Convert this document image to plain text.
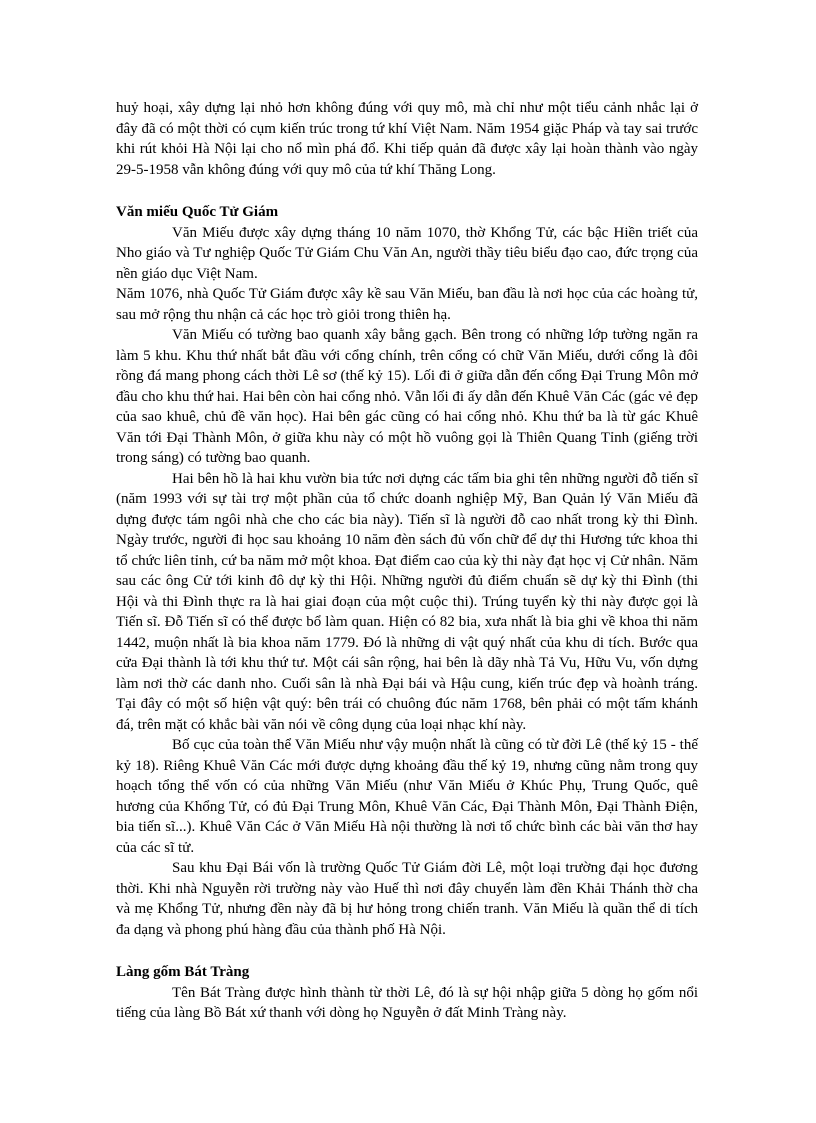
huỷ hoại, xây dựng lại nhỏ hơn không đúng với quy mô, mà chỉ như một tiểu cảnh nhắc lại ở đây đã có một thời có cụm kiến trúc trong tứ khí Việt Nam. Năm 1954 giặc Pháp và tay sai trước khi rút khỏi Hà Nội lại cho nổ mìn phá đổ. Khi tiếp quản đã được xây lại hoàn thành vào ngày 29-5-1958 vẫn không đúng với quy mô của tứ khí Thăng Long.

Văn miếu Quốc Tử Giám

Văn Miếu được xây dựng tháng 10 năm 1070, thờ Khổng Tử, các bậc Hiền triết của Nho giáo và Tư nghiệp Quốc Tử Giám Chu Văn An, người thầy tiêu biểu đạo cao, đức trọng của nền giáo dục Việt Nam.

Năm 1076, nhà Quốc Tử Giám được xây kề sau Văn Miếu, ban đầu là nơi học của các hoàng tử, sau mở rộng thu nhận cả các học trò giỏi trong thiên hạ.

Văn Miếu có tường bao quanh xây bằng gạch. Bên trong có những lớp tường ngăn ra làm 5 khu. Khu thứ nhất bắt đầu với cổng chính, trên cổng có chữ Văn Miếu, dưới cổng là đôi rồng đá mang phong cách thời Lê sơ (thế kỷ 15). Lối đi ở giữa dẫn đến cổng Đại Trung Môn mở đầu cho khu thứ hai. Hai bên còn hai cổng nhỏ. Vẫn lối đi ấy dẫn đến Khuê Văn Các (gác vẻ đẹp của sao khuê, chủ đề văn học). Hai bên gác cũng có hai cổng nhỏ. Khu thứ ba là từ gác Khuê Văn tới Đại Thành Môn, ở giữa khu này có một hồ vuông gọi là Thiên Quang Tỉnh (giếng trời trong sáng) có tường bao quanh.

Hai bên hồ là hai khu vườn bia tức nơi dựng các tấm bia ghi tên những người đỗ tiến sĩ (năm 1993 với sự tài trợ một phần của tổ chức doanh nghiệp Mỹ, Ban Quản lý Văn Miếu đã dựng được tám ngôi nhà che cho các bia này). Tiến sĩ là người đỗ cao nhất trong kỳ thi Đình. Ngày trước, người đi học sau khoảng 10 năm đèn sách đủ vốn chữ để dự thi Hương tức khoa thi tổ chức liên tỉnh, cứ ba năm mở một khoa. Đạt điểm cao của kỳ thi này đạt học vị Cử nhân. Năm sau các ông Cử tới kinh đô dự kỳ thi Hội. Những người đủ điểm chuẩn sẽ dự kỳ thi Đình (thi Hội và thi Đình thực ra là hai giai đoạn của một cuộc thi). Trúng tuyển kỳ thi này được gọi là Tiến sĩ. Đỗ Tiến sĩ có thể được bổ làm quan. Hiện có 82 bia, xưa nhất là bia ghi về khoa thi năm 1442, muộn nhất là bia khoa năm 1779. Đó là những di vật quý nhất của khu di tích. Bước qua cửa Đại thành là tới khu thứ tư. Một cái sân rộng, hai bên là dãy nhà Tả Vu, Hữu Vu, vốn dựng làm nơi thờ các danh nho. Cuối sân là nhà Đại bái và Hậu cung, kiến trúc đẹp và hoành tráng. Tại đây có một số hiện vật quý: bên trái có chuông đúc năm 1768, bên phải có một tấm khánh đá, trên mặt có khắc bài văn nói về công dụng của loại nhạc khí này.

Bố cục của toàn thể Văn Miếu như vậy muộn nhất là cũng có từ đời Lê (thế kỷ 15 - thế kỷ 18). Riêng Khuê Văn Các mới được dựng khoảng đầu thế kỷ 19, nhưng cũng nằm trong quy hoạch tổng thể vốn có của những Văn Miếu (như Văn Miếu ở Khúc Phụ, Trung Quốc, quê hương của Khổng Tử, có đủ Đại Trung Môn, Khuê Văn Các, Đại Thành Môn, Đại Thành Điện, bia tiến sĩ...). Khuê Văn Các ở Văn Miếu Hà nội thường là nơi tổ chức bình các bài văn thơ hay của các sĩ tử.

Sau khu Đại Bái vốn là trường Quốc Tử Giám đời Lê, một loại trường đại học đương thời. Khi nhà Nguyễn rời trường này vào Huế thì nơi đây chuyển làm đền Khải Thánh thờ cha và mẹ Khổng Tử, nhưng đền này đã bị hư hỏng trong chiến tranh. Văn Miếu là quần thể di tích đa dạng và phong phú hàng đầu của thành phố Hà Nội.

Làng gốm Bát Tràng

Tên Bát Tràng được hình thành từ thời Lê, đó là sự hội nhập giữa 5 dòng họ gốm nổi tiếng của làng Bồ Bát xứ thanh với dòng họ Nguyễn ở đất Minh Tràng này.
